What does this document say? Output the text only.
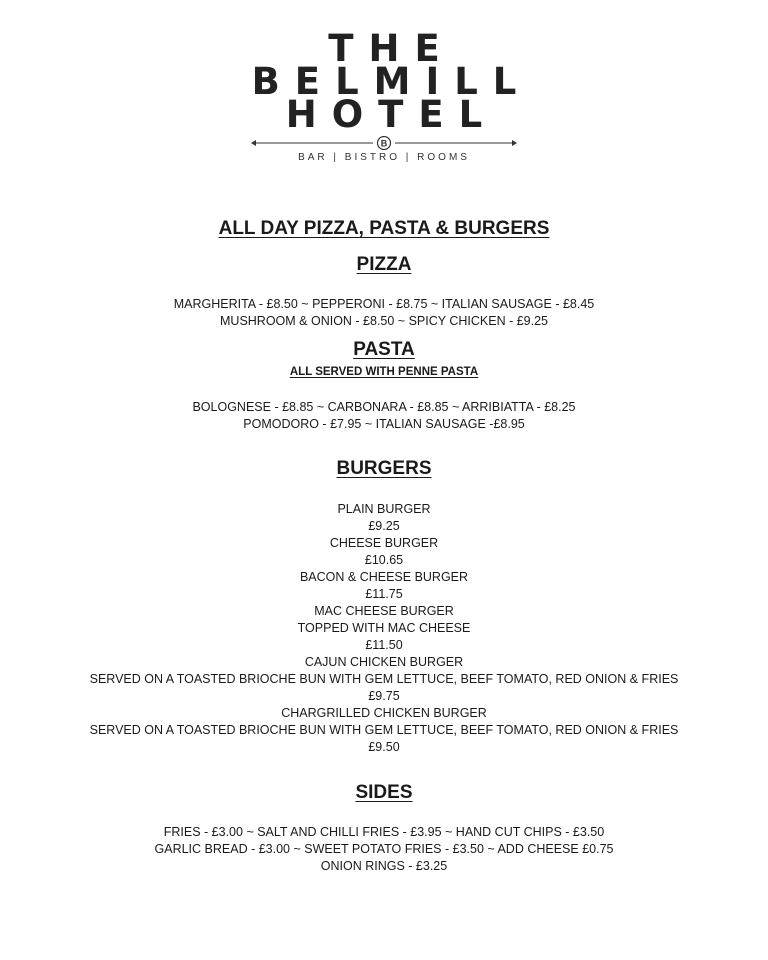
THE
BELMILL
HOTEL
B
BAR | BISTRO | ROOMS
ALL DAY PIZZA, PASTA & BURGERS
PIZZA
MARGHERITA - £8.50 ~ PEPPERONI - £8.75 ~ ITALIAN SAUSAGE - £8.45
MUSHROOM & ONION - £8.50 ~ SPICY CHICKEN - £9.25
PASTA
ALL SERVED WITH PENNE PASTA
BOLOGNESE - £8.85 ~ CARBONARA - £8.85 ~ ARRIBIATTA - £8.25
POMODORO - £7.95 ~ ITALIAN SAUSAGE -£8.95
BURGERS
PLAIN BURGER
£9.25
CHEESE BURGER
£10.65
BACON & CHEESE BURGER
£11.75
MAC CHEESE BURGER
TOPPED WITH MAC CHEESE
£11.50
CAJUN CHICKEN BURGER
SERVED ON A TOASTED BRIOCHE BUN WITH GEM LETTUCE, BEEF TOMATO, RED ONION & FRIES
£9.75
CHARGRILLED CHICKEN BURGER
SERVED ON A TOASTED BRIOCHE BUN WITH GEM LETTUCE, BEEF TOMATO, RED ONION & FRIES
£9.50
SIDES
FRIES - £3.00 ~ SALT AND CHILLI FRIES - £3.95 ~ HAND CUT CHIPS - £3.50
GARLIC BREAD - £3.00 ~ SWEET POTATO FRIES - £3.50 ~ ADD CHEESE £0.75
ONION RINGS - £3.25
